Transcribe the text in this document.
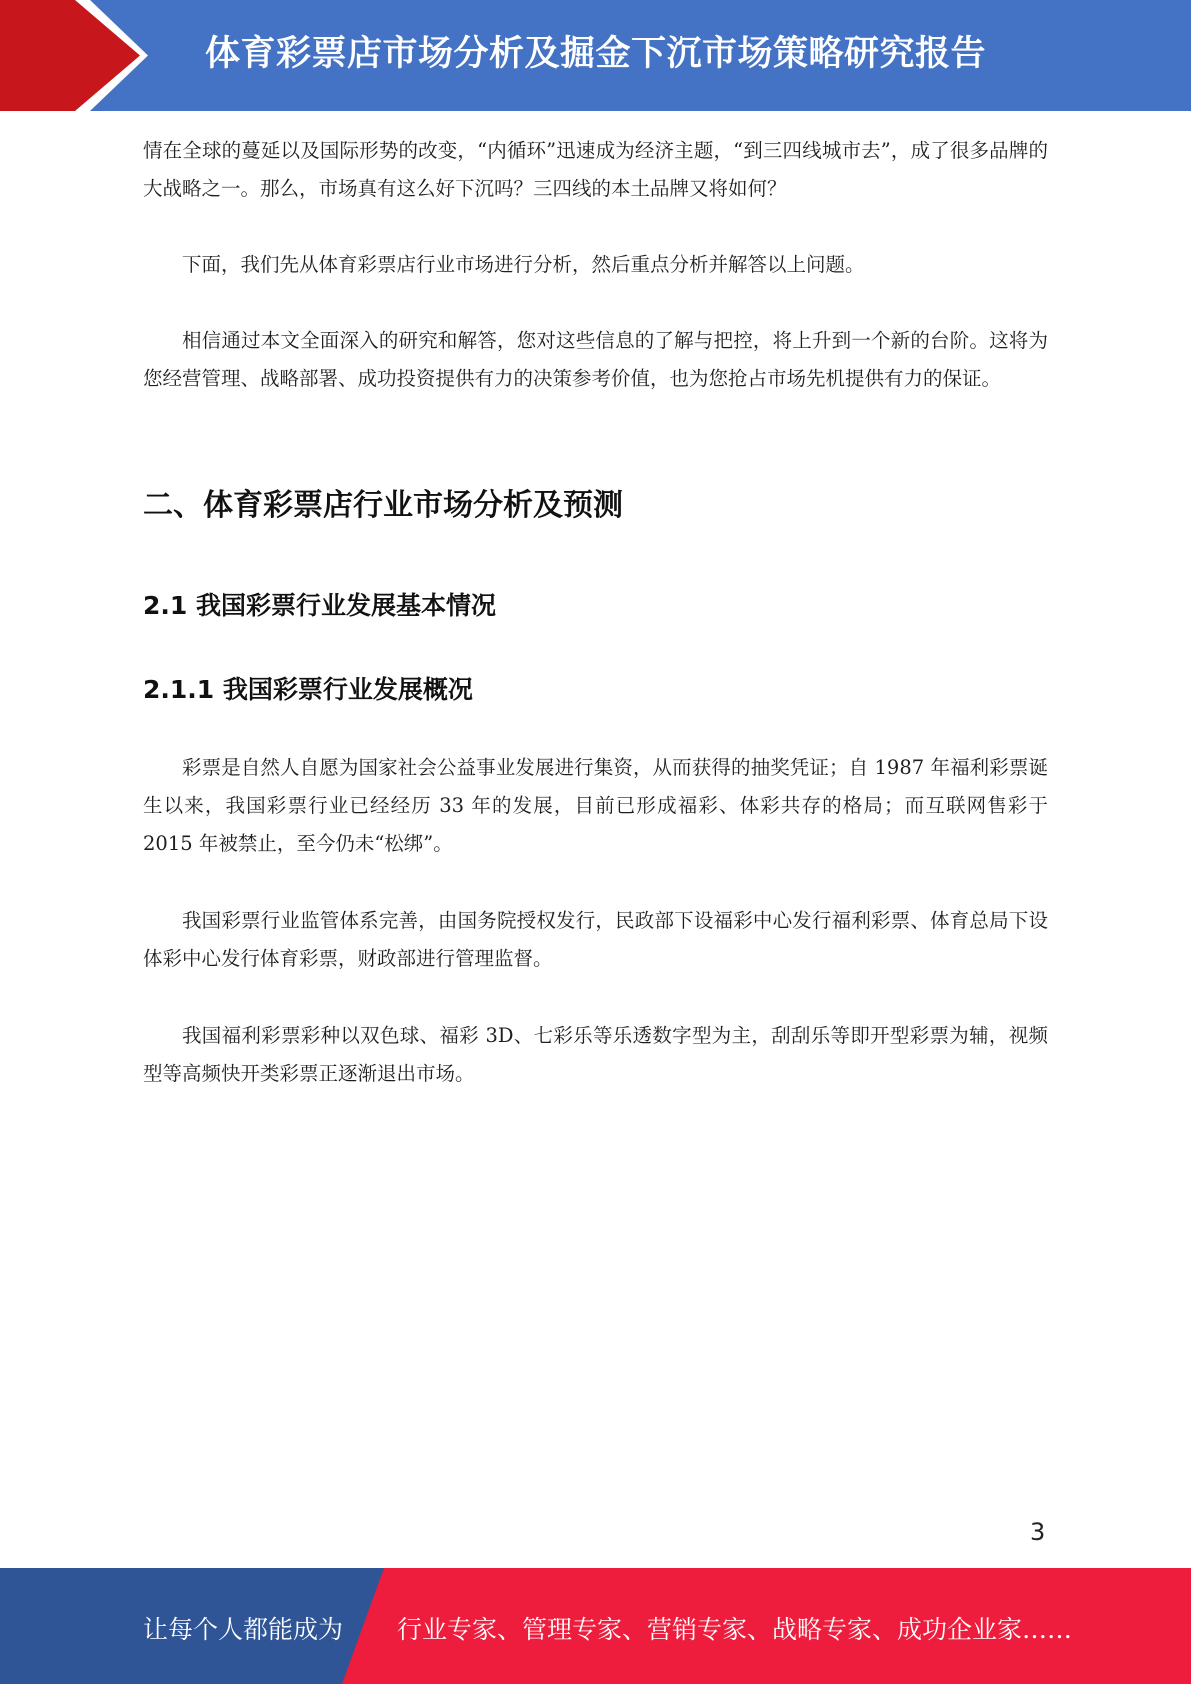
体育彩票店市场分析及掘金下沉市场策略研究报告

情在全球的蔓延以及国际形势的改变，“内循环”迅速成为经济主题，“到三四线城市去”，成了很多品牌的大战略之一。那么，市场真有这么好下沉吗？三四线的本土品牌又将如何？

下面，我们先从体育彩票店行业市场进行分析，然后重点分析并解答以上问题。

相信通过本文全面深入的研究和解答，您对这些信息的了解与把控，将上升到一个新的台阶。这将为您经营管理、战略部署、成功投资提供有力的决策参考价值，也为您抢占市场先机提供有力的保证。

二、体育彩票店行业市场分析及预测
2.1 我国彩票行业发展基本情况
2.1.1 我国彩票行业发展概况

彩票是自然人自愿为国家社会公益事业发展进行集资，从而获得的抽奖凭证；自 1987 年福利彩票诞生以来，我国彩票行业已经经历 33 年的发展，目前已形成福彩、体彩共存的格局；而互联网售彩于 2015 年被禁止，至今仍未“松绑”。

我国彩票行业监管体系完善，由国务院授权发行，民政部下设福彩中心发行福利彩票、体育总局下设体彩中心发行体育彩票，财政部进行管理监督。

我国福利彩票彩种以双色球、福彩 3D、七彩乐等乐透数字型为主，刮刮乐等即开型彩票为辅，视频型等高频快开类彩票正逐渐退出市场。

3
让每个人都能成为 行业专家、管理专家、营销专家、战略专家、成功企业家……
